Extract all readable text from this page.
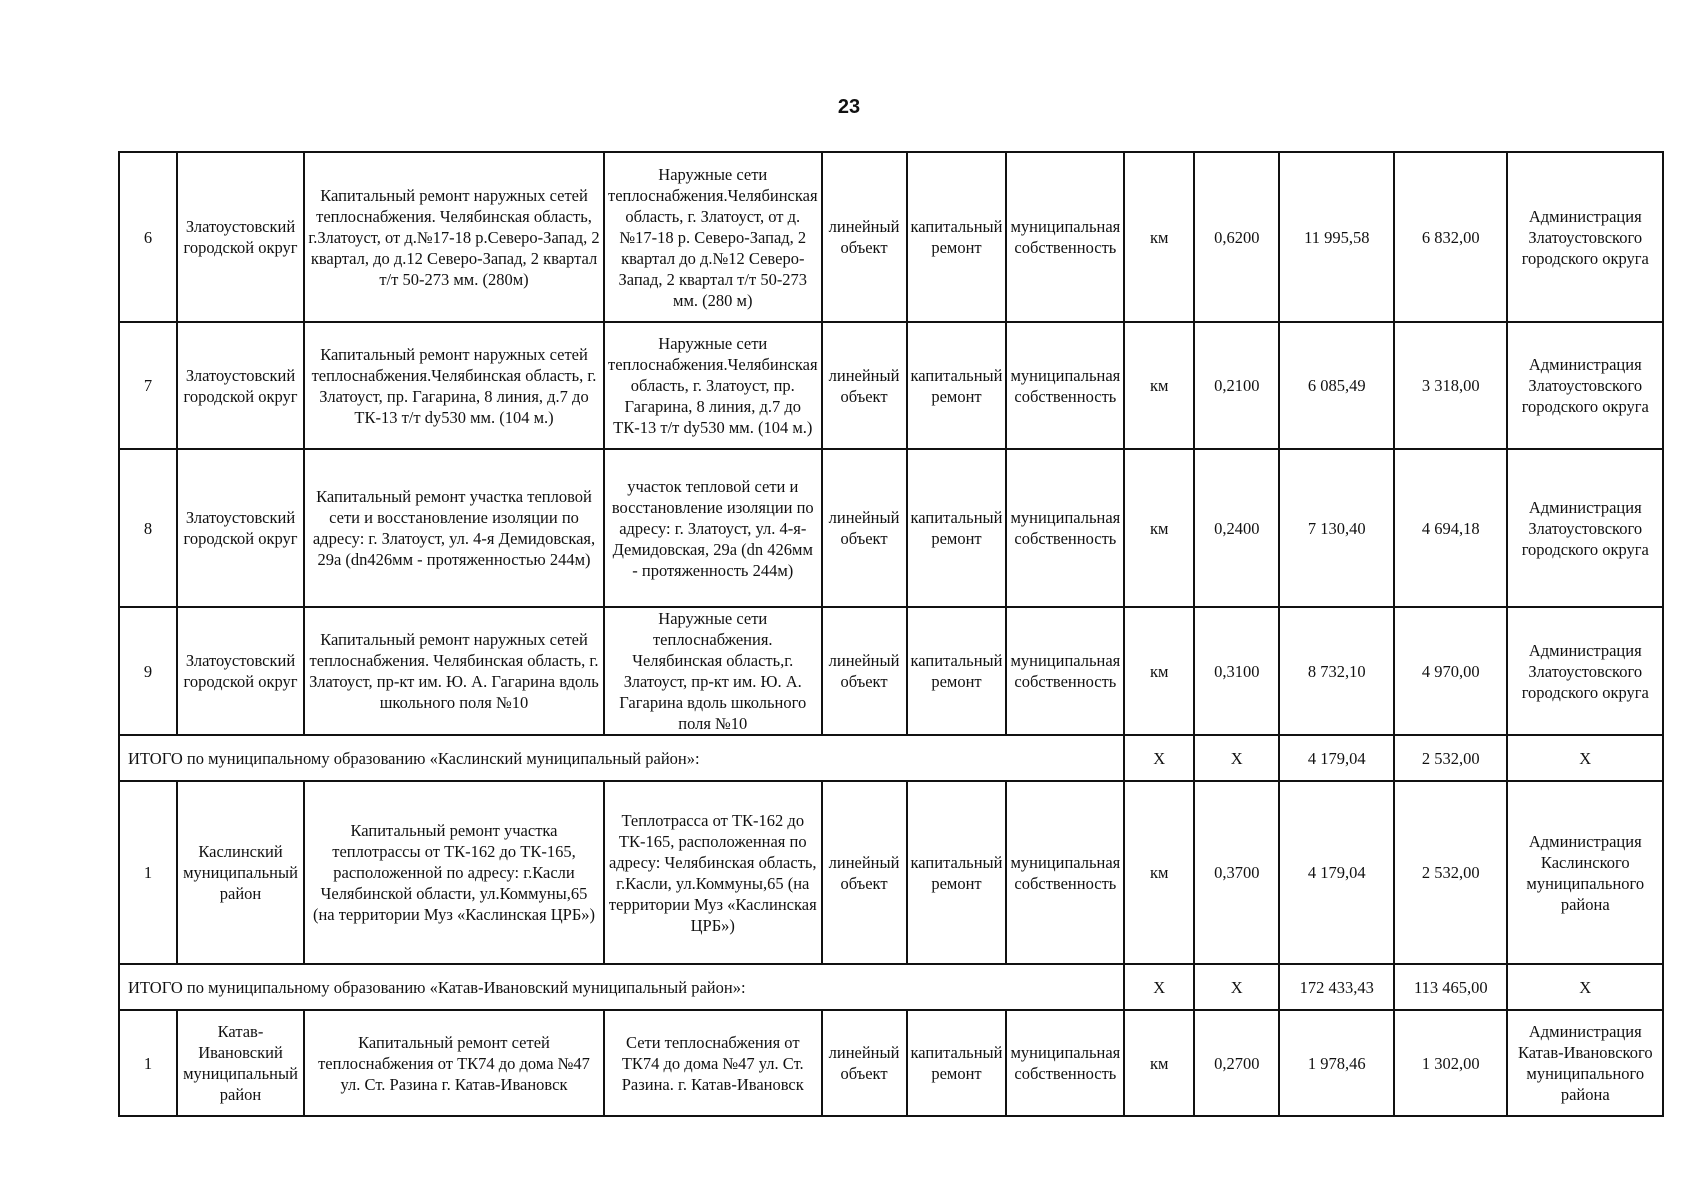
23
6	Златоустовский городской округ	Капитальный ремонт наружных сетей теплоснабжения. Челябинская область, г.Златоуст, от д.№17-18 р.Северо-Запад, 2 квартал, до д.12 Северо-Запад, 2 квартал т/т 50-273 мм. (280м)	Наружные сети теплоснабжения.Челябинская область, г. Златоуст, от д.№17-18 р. Северо-Запад, 2 квартал до д.№12 Северо-Запад, 2 квартал т/т 50-273 мм. (280 м)	линейный объект	капитальный ремонт	муниципальная собственность	км	0,6200	11 995,58	6 832,00	Администрация Златоустовского городского округа
7	Златоустовский городской округ	Капитальный ремонт наружных сетей теплоснабжения.Челябинская область, г. Златоуст, пр. Гагарина, 8 линия, д.7 до ТК-13 т/т dy530 мм. (104 м.)	Наружные сети теплоснабжения.Челябинская область, г. Златоуст, пр. Гагарина, 8 линия, д.7 до ТК-13 т/т dy530 мм. (104 м.)	линейный объект	капитальный ремонт	муниципальная собственность	км	0,2100	6 085,49	3 318,00	Администрация Златоустовского городского округа
8	Златоустовский городской округ	Капитальный ремонт участка тепловой сети и восстановление изоляции по адресу: г. Златоуст, ул. 4-я Демидовская, 29а (dn426мм - протяженностью 244м)	участок тепловой сети и восстановление изоляции по адресу: г. Златоуст, ул. 4-я-Демидовская, 29а (dn 426мм - протяженность 244м)	линейный объект	капитальный ремонт	муниципальная собственность	км	0,2400	7 130,40	4 694,18	Администрация Златоустовского городского округа
9	Златоустовский городской округ	Капитальный ремонт наружных сетей теплоснабжения. Челябинская область, г. Златоуст, пр-кт им. Ю. А. Гагарина вдоль школьного поля №10	Наружные сети теплоснабжения. Челябинская область,г. Златоуст, пр-кт им. Ю. А. Гагарина вдоль школьного поля №10	линейный объект	капитальный ремонт	муниципальная собственность	км	0,3100	8 732,10	4 970,00	Администрация Златоустовского городского округа
ИТОГО по муниципальному образованию «Каслинский муниципальный район»:							Х	Х	4 179,04	2 532,00	Х
1	Каслинский муниципальный район	Капитальный ремонт участка теплотрассы от ТК-162 до ТК-165, расположенной по адресу: г.Касли Челябинской области, ул.Коммуны,65 (на территории Муз «Каслинская ЦРБ»)	Теплотрасса от ТК-162 до ТК-165, расположенная по адресу: Челябинская область, г.Касли, ул.Коммуны,65 (на территории Муз «Каслинская ЦРБ»)	линейный объект	капитальный ремонт	муниципальная собственность	км	0,3700	4 179,04	2 532,00	Администрация Каслинского муниципального района
ИТОГО по муниципальному образованию «Катав-Ивановский муниципальный район»:							Х	Х	172 433,43	113 465,00	Х
1	Катав-Ивановский муниципальный район	Капитальный ремонт сетей теплоснабжения от ТК74 до дома №47 ул. Ст. Разина г. Катав-Ивановск	Сети теплоснабжения от ТК74 до дома №47 ул. Ст. Разина. г. Катав-Ивановск	линейный объект	капитальный ремонт	муниципальная собственность	км	0,2700	1 978,46	1 302,00	Администрация Катав-Ивановского муниципального района
